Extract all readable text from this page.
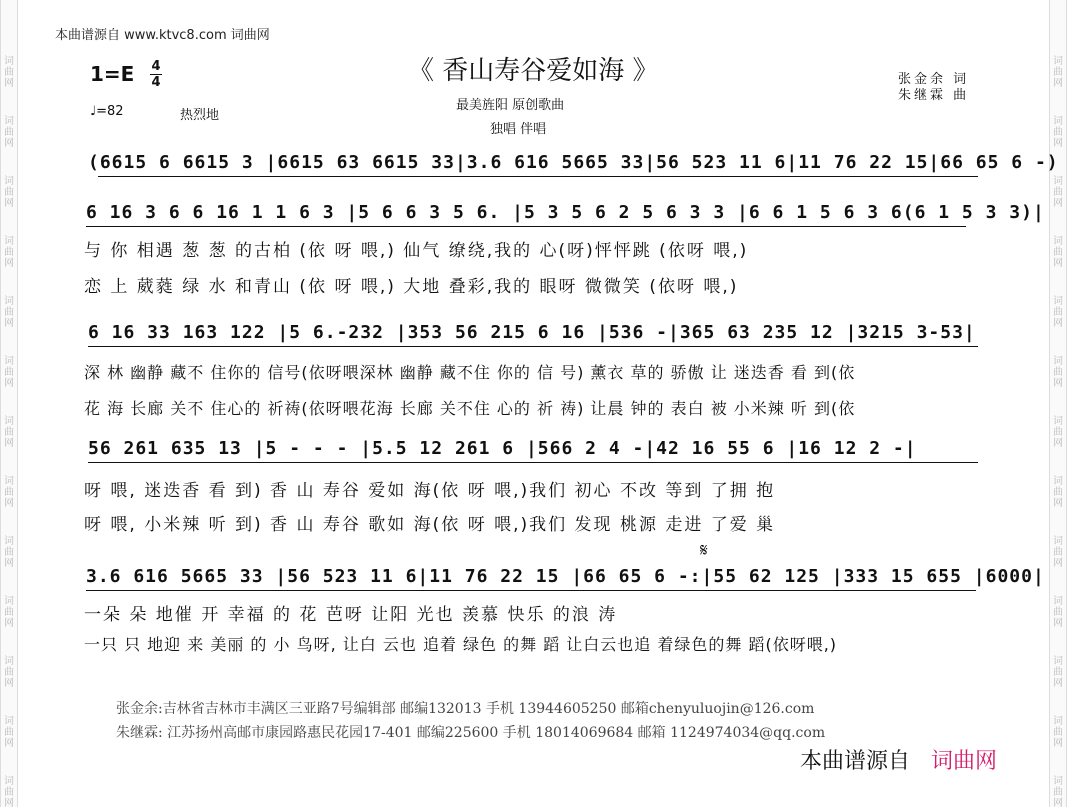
词
曲
网
词
曲
网
词
曲
网
词
曲
网
词
曲
网
词
曲
网
词
曲
网
词
曲
网
词
曲
网
词
曲
网
词
曲
网
词
曲
网
词
曲
网
词
曲
网
词
曲
网
词
曲
网
词
曲
网
词
曲
网
词
曲
网
词
曲
网
词
曲
网
词
曲
网
词
曲
网
词
曲
网
词
曲
网
词
曲
网
本曲谱源自 www.ktvc8.com 词曲网
《 香山寿谷爱如海 》
最美旌阳 原创歌曲
独唱 伴唱
张金余 词
朱继霖 曲
1=E 4
4
♩=82	热烈地
(6615 6 6615 3 |6615 63 6615 33|3.6 616 5665 33|56 523 11 6|11 76 22 15|66 65 6 -)
6 16 3 6 6 16 1 1 6 3 |5 6 6 3 5 6. |5 3 5 6 2 5 6 3 3 |6 6 1 5 6 3 6(6 1 5 3 3)|
与 你 相遇 葱 葱 的古柏 (依 呀 喂,) 仙气 缭绕,我的 心(呀)怦怦跳 (依呀 喂,)
恋 上 葳蕤 绿 水 和青山 (依 呀 喂,) 大地 叠彩,我的 眼呀 微微笑 (依呀 喂,)
6 16 33 163 122 |5 6.-232 |353 56 215 6 16 |536 -|365 63 235 12 |3215 3-53|
深 林 幽静 藏不 住你的 信号(依呀喂深林 幽静 藏不住 你的 信 号) 薰衣 草的 骄傲 让 迷迭香 看 到(依
花 海 长廊 关不 住心的 祈祷(依呀喂花海 长廊 关不住 心的 祈 祷) 让晨 钟的 表白 被 小米辣 听 到(依
56 261 635 13 |5 - - - |5.5 12 261 6 |566 2 4 -|42 16 55 6 |16 12 2 -|
呀 喂, 迷迭香 看 到) 香 山 寿谷 爱如 海(依 呀 喂,)我们 初心 不改 等到 了拥 抱
呀 喂, 小米辣 听 到) 香 山 寿谷 歌如 海(依 呀 喂,)我们 发现 桃源 走进 了爱 巢
𝄋
3.6 616 5665 33 |56 523 11 6|11 76 22 15 |66 65 6 -:|55 62 125 |333 15 655 |6000|
一朵 朵 地催 开 幸福 的 花 芭呀 让阳 光也 羡慕 快乐 的浪 涛
一只 只 地迎 来 美丽 的 小 鸟呀, 让白 云也 追着 绿色 的舞 蹈 让白云也追 着绿色的舞 蹈(依呀喂,)
张金余:吉林省吉林市丰满区三亚路7号编辑部 邮编132013 手机 13944605250 邮箱chenyuluojin@126.com
朱继霖: 江苏扬州高邮市康园路惠民花园17-401 邮编225600 手机 18014069684 邮箱 1124974034@qq.com
本曲谱源自 词曲网
